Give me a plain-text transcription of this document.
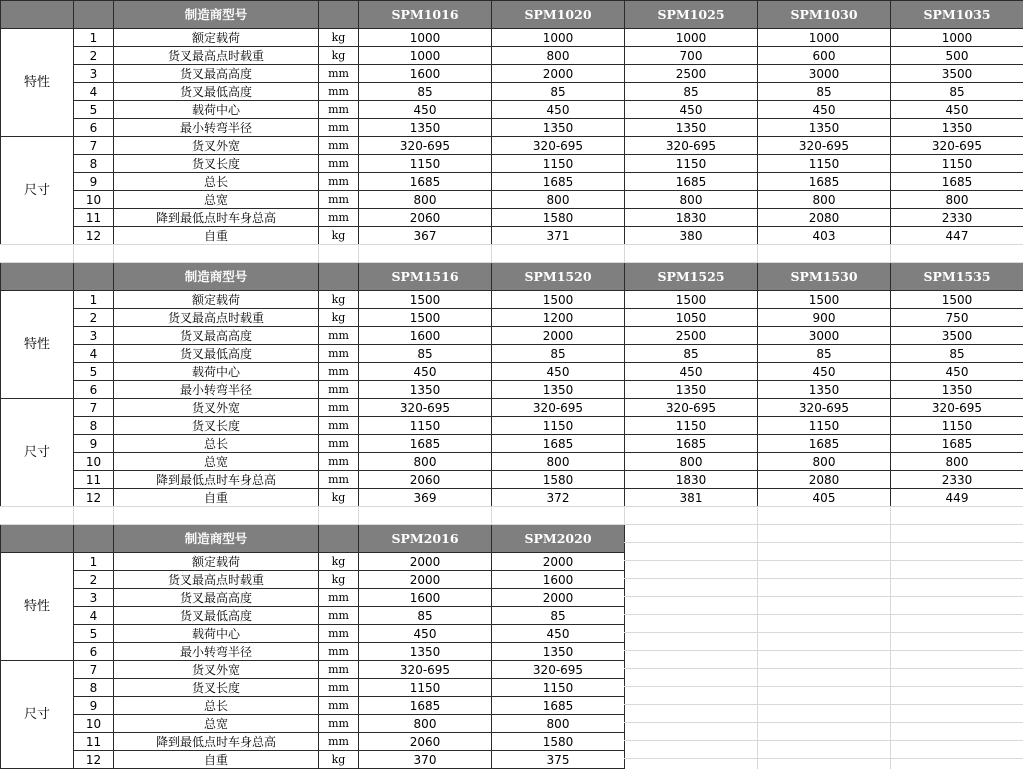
		制造商型号		SPM1016	SPM1020	SPM1025	SPM1030	SPM1035
特性	1	额定载荷	kg	1000	1000	1000	1000	1000
	2	货叉最高点时载重	kg	1000	800	700	600	500
	3	货叉最高高度	mm	1600	2000	2500	3000	3500
	4	货叉最低高度	mm	85	85	85	85	85
	5	载荷中心	mm	450	450	450	450	450
	6	最小转弯半径	mm	1350	1350	1350	1350	1350
尺寸	7	货叉外宽	mm	320-695	320-695	320-695	320-695	320-695
	8	货叉长度	mm	1150	1150	1150	1150	1150
	9	总长	mm	1685	1685	1685	1685	1685
	10	总宽	mm	800	800	800	800	800
	11	降到最低点时车身总高	mm	2060	1580	1830	2080	2330
	12	自重	kg	367	371	380	403	447
		制造商型号		SPM1516	SPM1520	SPM1525	SPM1530	SPM1535
特性	1	额定载荷	kg	1500	1500	1500	1500	1500
	2	货叉最高点时载重	kg	1500	1200	1050	900	750
	3	货叉最高高度	mm	1600	2000	2500	3000	3500
	4	货叉最低高度	mm	85	85	85	85	85
	5	载荷中心	mm	450	450	450	450	450
	6	最小转弯半径	mm	1350	1350	1350	1350	1350
尺寸	7	货叉外宽	mm	320-695	320-695	320-695	320-695	320-695
	8	货叉长度	mm	1150	1150	1150	1150	1150
	9	总长	mm	1685	1685	1685	1685	1685
	10	总宽	mm	800	800	800	800	800
	11	降到最低点时车身总高	mm	2060	1580	1830	2080	2330
	12	自重	kg	369	372	381	405	449
		制造商型号		SPM2016	SPM2020
特性	1	额定载荷	kg	2000	2000
	2	货叉最高点时载重	kg	2000	1600
	3	货叉最高高度	mm	1600	2000
	4	货叉最低高度	mm	85	85
	5	载荷中心	mm	450	450
	6	最小转弯半径	mm	1350	1350
尺寸	7	货叉外宽	mm	320-695	320-695
	8	货叉长度	mm	1150	1150
	9	总长	mm	1685	1685
	10	总宽	mm	800	800
	11	降到最低点时车身总高	mm	2060	1580
	12	自重	kg	370	375
